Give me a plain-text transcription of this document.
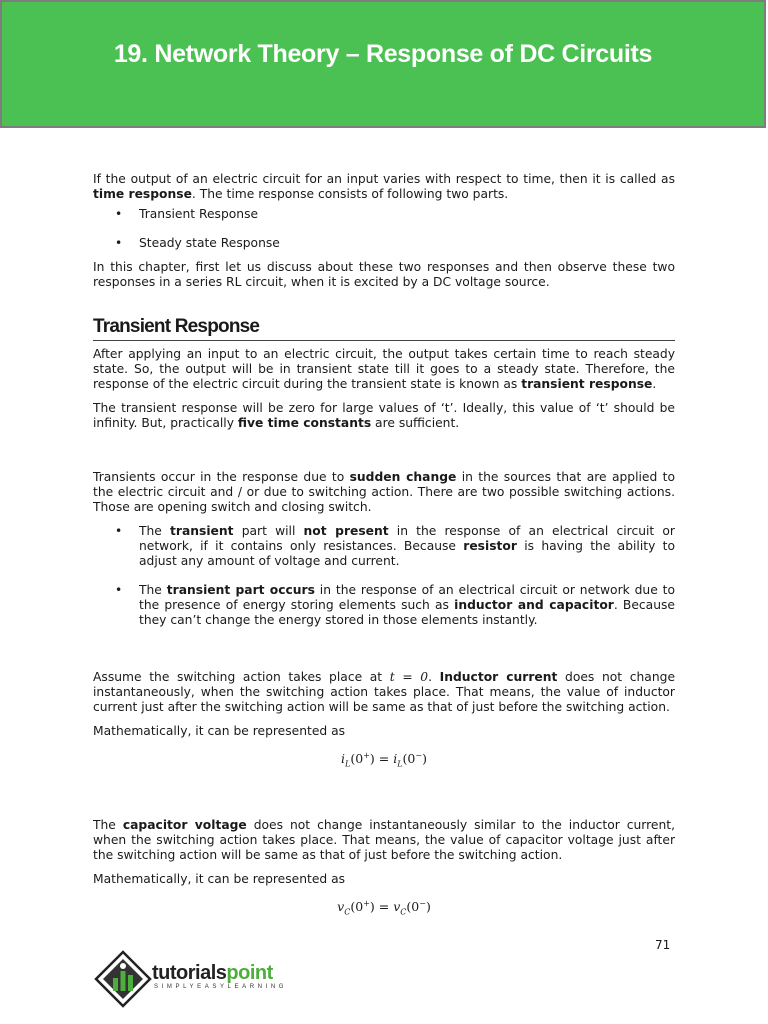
19. Network Theory – Response of DC Circuits

If the output of an electric circuit for an input varies with respect to time, then it is called as time response. The time response consists of following two parts.

• Transient Response
• Steady state Response

In this chapter, first let us discuss about these two responses and then observe these two responses in a series RL circuit, when it is excited by a DC voltage source.

Transient Response

After applying an input to an electric circuit, the output takes certain time to reach steady state. So, the output will be in transient state till it goes to a steady state. Therefore, the response of the electric circuit during the transient state is known as transient response.

The transient response will be zero for large values of ‘t’. Ideally, this value of ‘t’ should be infinity. But, practically five time constants are sufficient.

Transients occur in the response due to sudden change in the sources that are applied to the electric circuit and / or due to switching action. There are two possible switching actions. Those are opening switch and closing switch.

• The transient part will not present in the response of an electrical circuit or network, if it contains only resistances. Because resistor is having the ability to adjust any amount of voltage and current.
• The transient part occurs in the response of an electrical circuit or network due to the presence of energy storing elements such as inductor and capacitor. Because they can’t change the energy stored in those elements instantly.

Assume the switching action takes place at t = 0. Inductor current does not change instantaneously, when the switching action takes place. That means, the value of inductor current just after the switching action will be same as that of just before the switching action.

Mathematically, it can be represented as

$i_L(0^+) = i_L(0^-)$

The capacitor voltage does not change instantaneously similar to the inductor current, when the switching action takes place. That means, the value of capacitor voltage just after the switching action will be same as that of just before the switching action.

Mathematically, it can be represented as

$v_C(0^+) = v_C(0^-)$
71
tutorialspoint
SIMPLYEASYLEARNING
